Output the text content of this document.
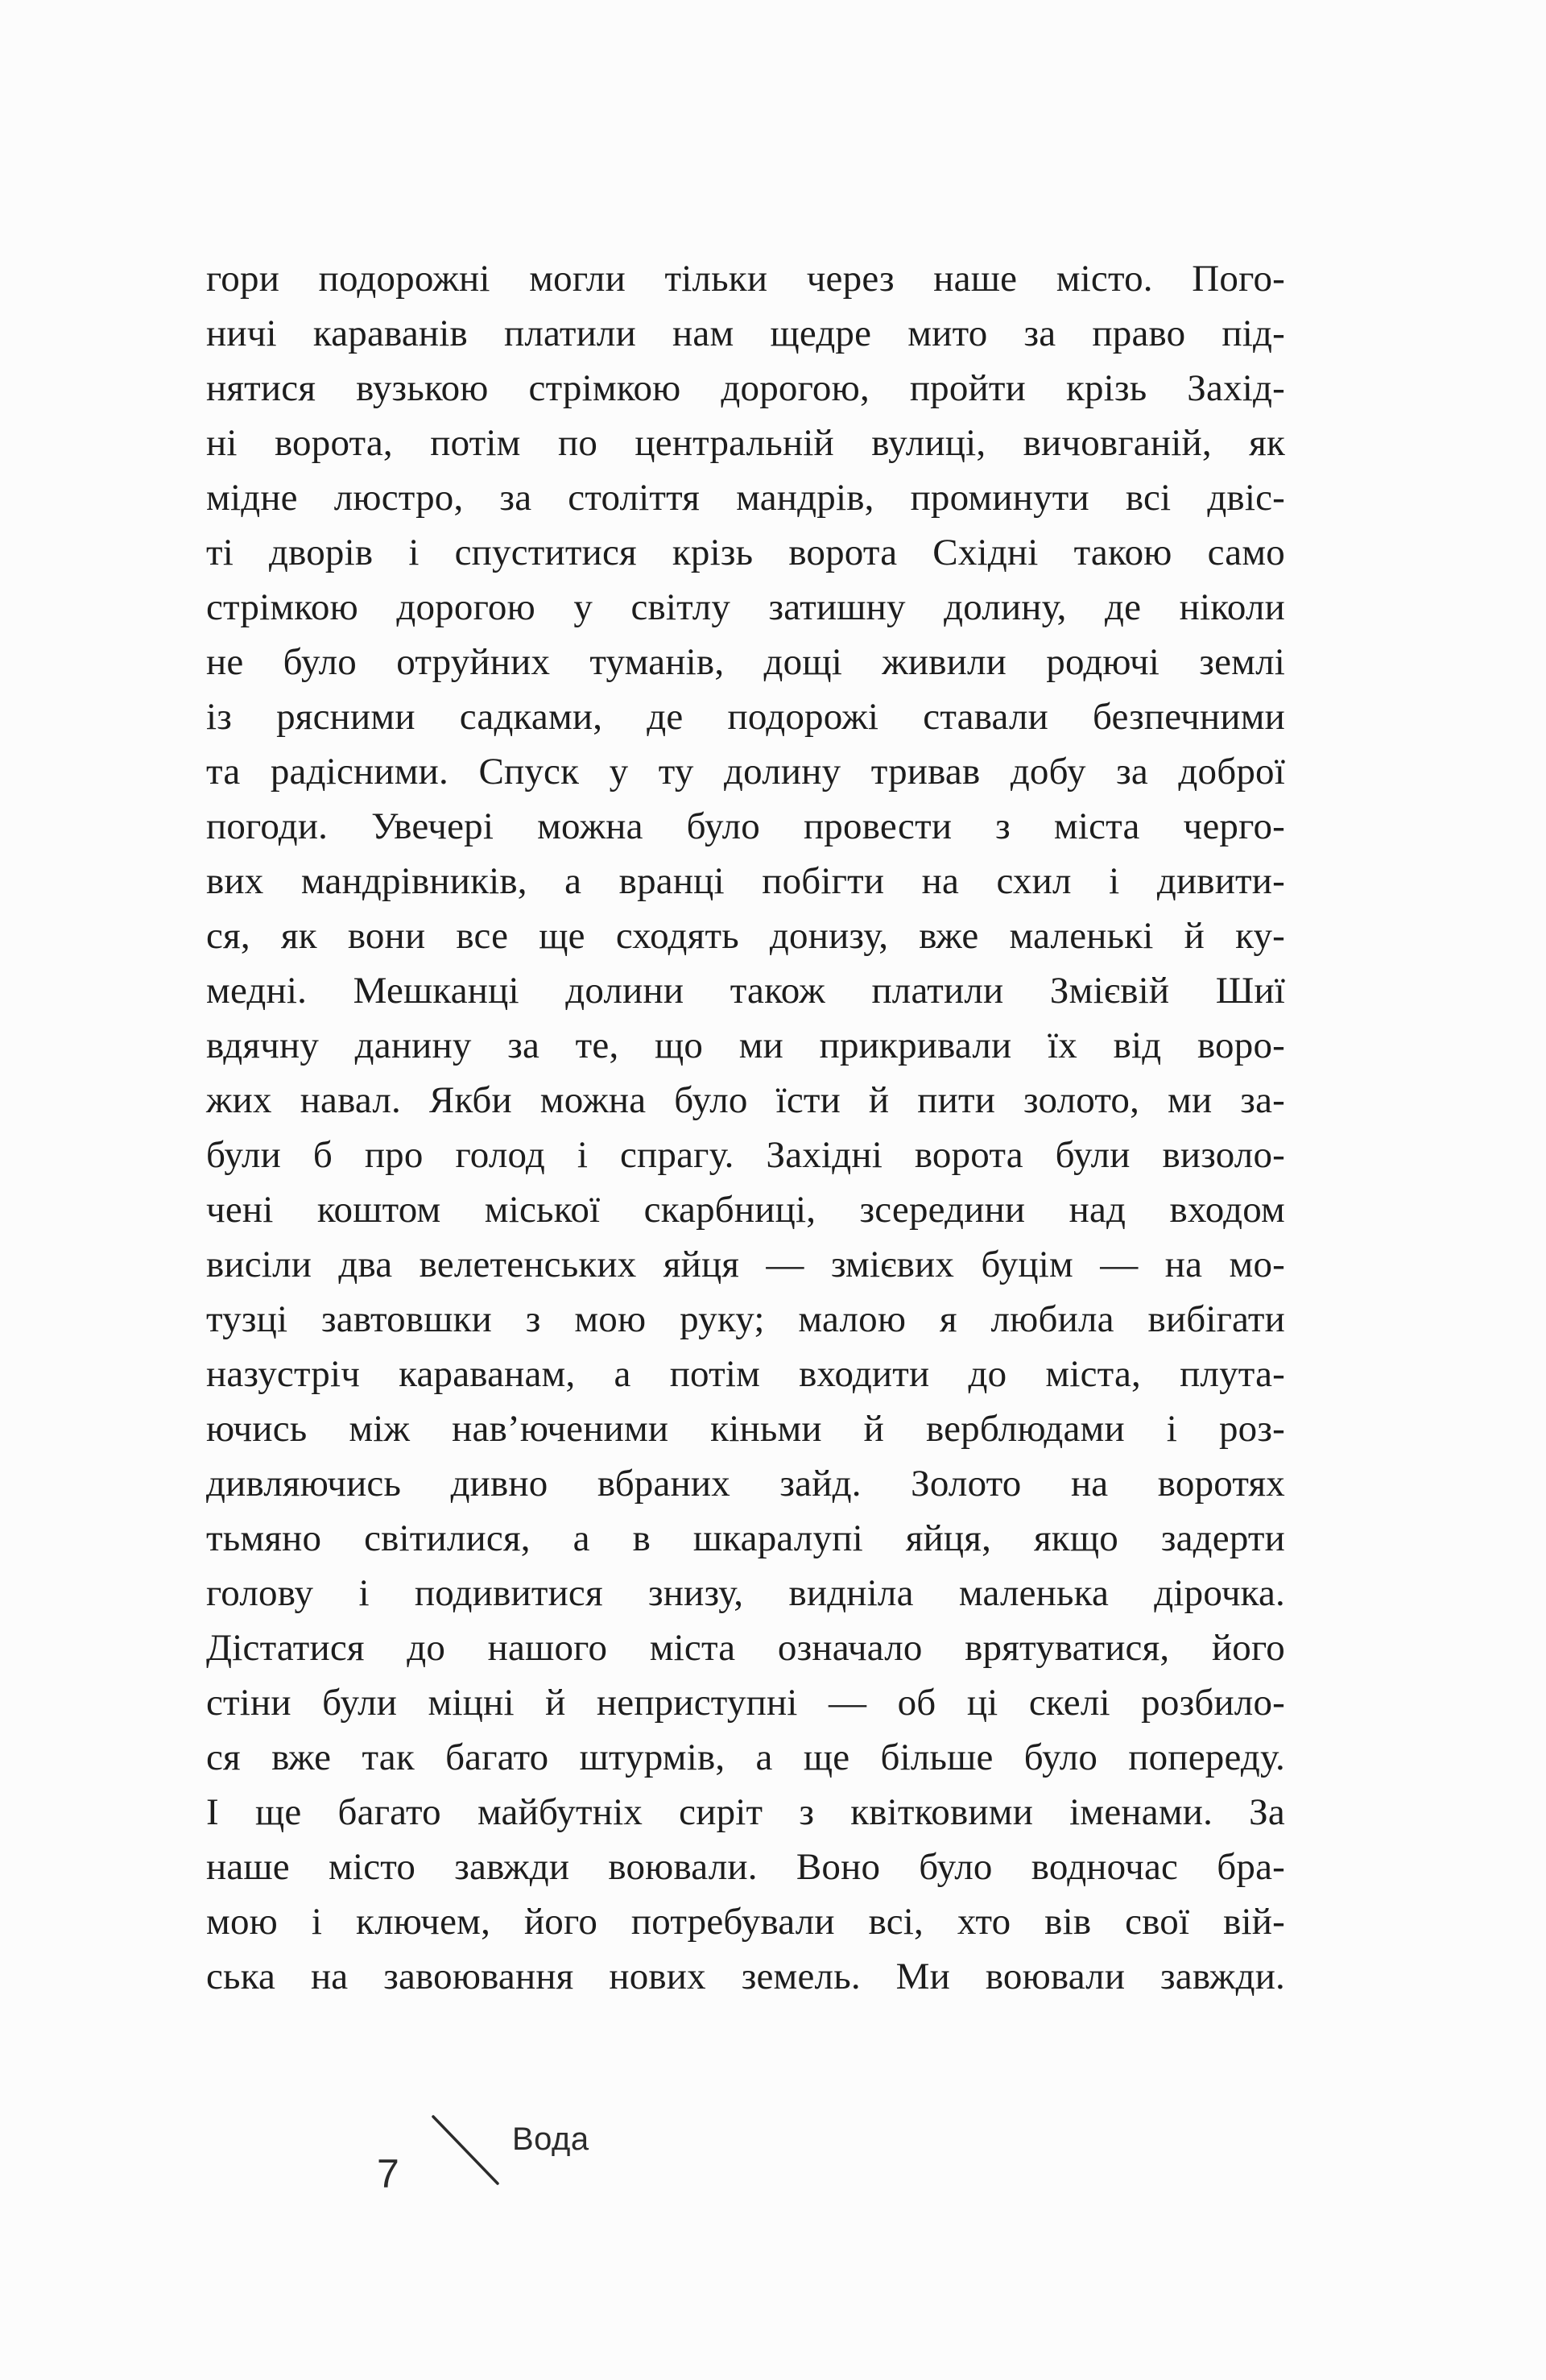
гори подорожні могли тільки через наше місто. Пого-
ничі караванів платили нам щедре мито за право під-
нятися вузькою стрімкою дорогою, пройти крізь Захід-
ні ворота, потім по центральній вулиці, вичовганій, як
мідне люстро, за століття мандрів, проминути всі двіс-
ті дворів і спуститися крізь ворота Східні такою само
стрімкою дорогою у світлу затишну долину, де ніколи
не було отруйних туманів, дощі живили родючі землі
із рясними садками, де подорожі ставали безпечними
та радісними. Спуск у ту долину тривав добу за доброї
погоди. Увечері можна було провести з міста черго-
вих мандрівників, а вранці побігти на схил і дивити-
ся, як вони все ще сходять донизу, вже маленькі й ку-
медні. Мешканці долини також платили Змієвій Шиї
вдячну данину за те, що ми прикривали їх від воро-
жих навал. Якби можна було їсти й пити золото, ми за-
були б про голод і спрагу. Західні ворота були визоло-
чені коштом міської скарбниці, зсередини над входом
висіли два велетенських яйця — змієвих буцім — на мо-
тузці завтовшки з мою руку; малою я любила вибігати
назустріч караванам, а потім входити до міста, плута-
ючись між нав’юченими кіньми й верблюдами і роз-
дивляючись дивно вбраних зайд. Золото на воротях
тьмяно світилися, а в шкаралупі яйця, якщо задерти
голову і подивитися знизу, видніла маленька дірочка.
Дістатися до нашого міста означало врятуватися, його
стіни були міцні й неприступні — об ці скелі розбило-
ся вже так багато штурмів, а ще більше було попереду.
І ще багато майбутніх сиріт з квітковими іменами. За
наше місто завжди воювали. Воно було водночас бра-
мою і ключем, його потребували всі, хто вів свої вій-
ська на завоювання нових земель. Ми воювали завжди.
Вода
7
